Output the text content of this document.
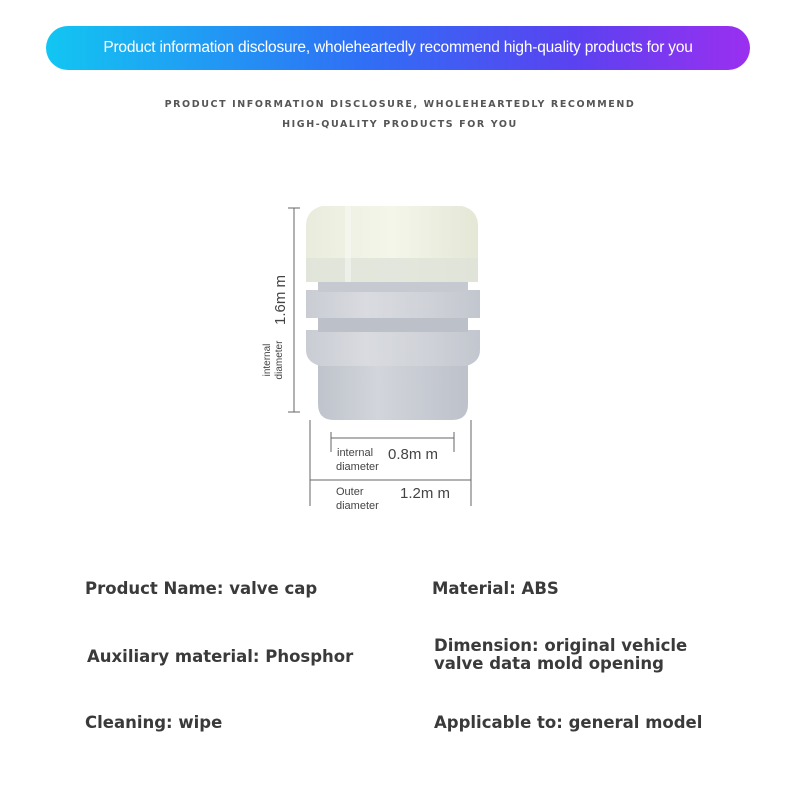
Product information disclosure, wholeheartedly recommend high-quality products for you
PRODUCT INFORMATION DISCLOSURE, WHOLEHEARTEDLY RECOMMEND
HIGH-QUALITY PRODUCTS FOR YOU
1.6m m
internal diameter
internal
diameter
0.8m m
Outer
diameter
1.2m m
Product Name: valve cap	Material: ABS
Auxiliary material: Phosphor
Dimension: original vehicle valve data mold opening
Cleaning: wipe	Applicable to: general model
